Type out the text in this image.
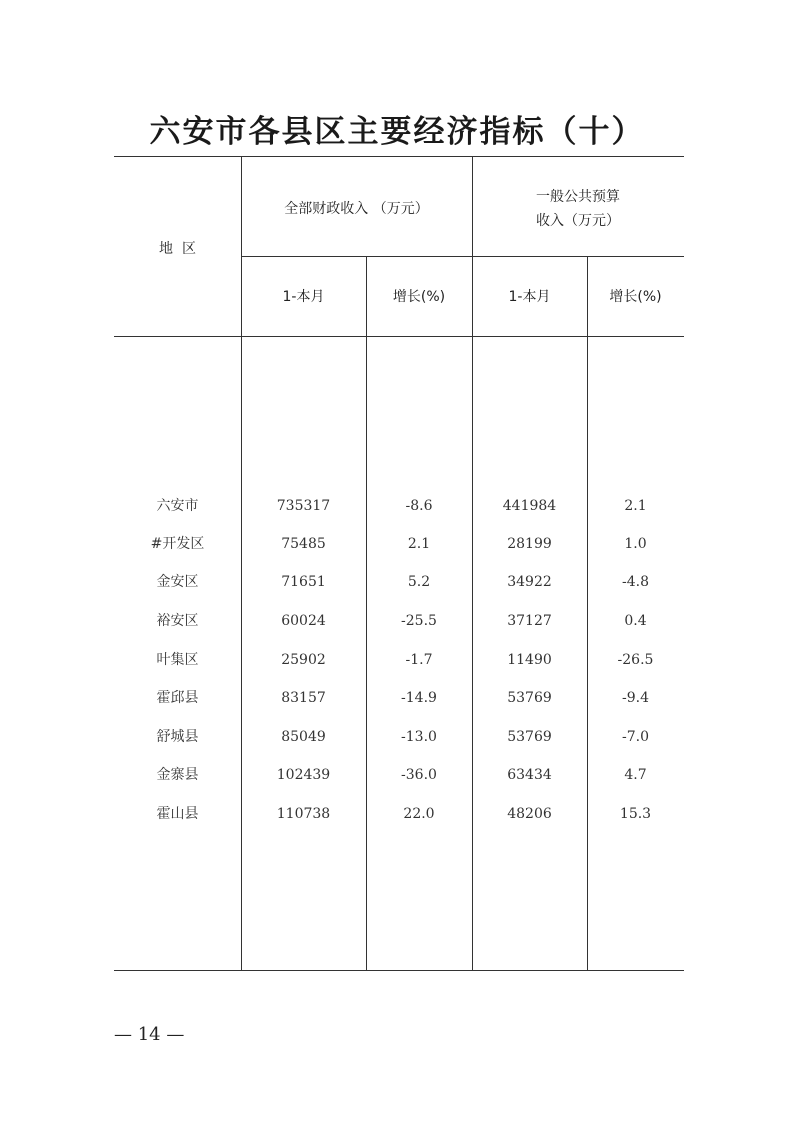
六安市各县区主要经济指标（十）
地  区
全部财政收入 （万元）
一般公共预算
收入（万元）
1-本月	增长(%)	1-本月	增长(%)
六安市	735317	-8.6	441984	2.1
#开发区	75485	2.1	28199	1.0
金安区	71651	5.2	34922	-4.8
裕安区	60024	-25.5	37127	0.4
叶集区	25902	-1.7	11490	-26.5
霍邱县	83157	-14.9	53769	-9.4
舒城县	85049	-13.0	53769	-7.0
金寨县	102439	-36.0	63434	4.7
霍山县	110738	22.0	48206	15.3
— 14 —
